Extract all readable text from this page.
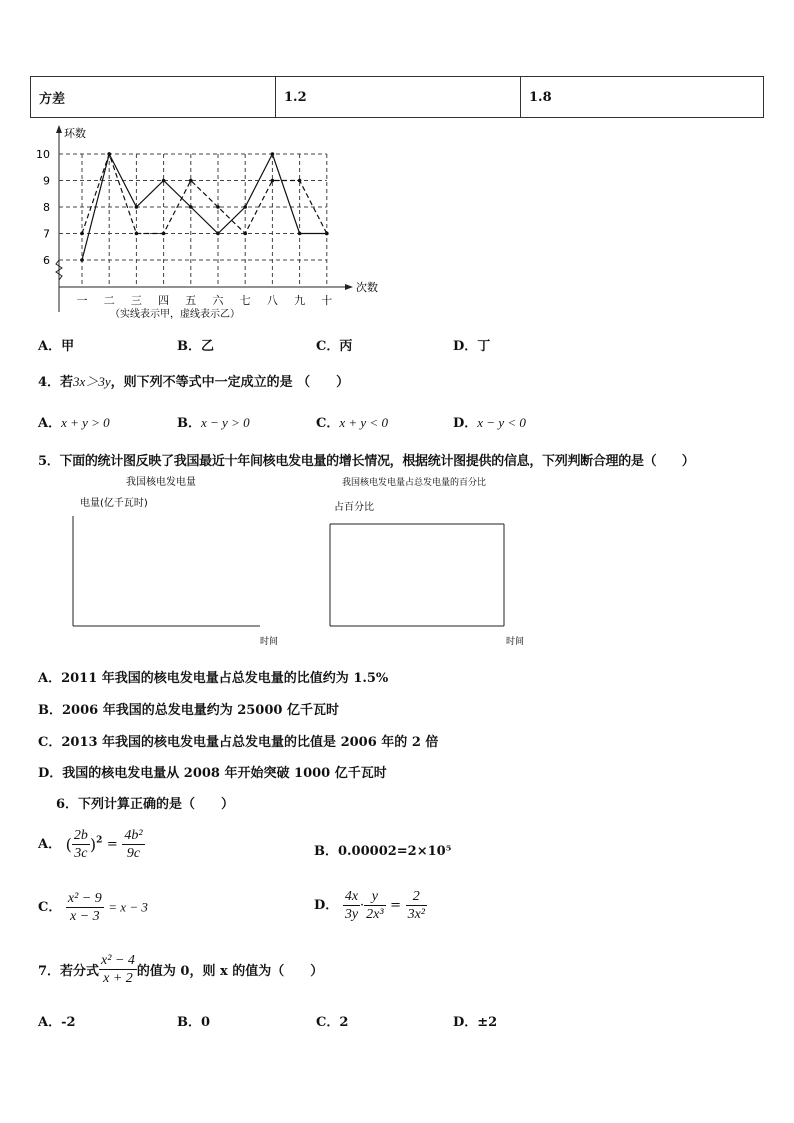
方差	1.2	1.8
环数
次数
（实线表示甲，虚线表示乙）
一 二 三 四 五 六 七 八 九 十
6
7
8
9
10
A．甲	B．乙	C．丙	D．丁
4．若3x＞3y，则下列不等式中一定成立的是 （　　）
A．x + y > 0	B．x − y > 0	C．x + y < 0	D．x − y < 0
5．下面的统计图反映了我国最近十年间核电发电量的增长情况，根据统计图提供的信息，下列判断合理的是（　　）
我国核电发电量
电量(亿千瓦时)
时间
我国核电发电量占总发电量的百分比
占百分比
时间
A．2011 年我国的核电发电量占总发电量的比值约为 1.5%
B．2006 年我国的总发电量约为 25000 亿千瓦时
C．2013 年我国的核电发电量占总发电量的比值是 2006 年的 2 倍
D．我国的核电发电量从 2008 年开始突破 1000 亿千瓦时
6．下列计算正确的是（　　）
A． ( $\frac{2b}{3c} )^2 = \frac{\text{4b²}}{9c}$	B．0.00002=2×10⁵
C． $\frac{\text{x² − 9}}{x - 3} = x - 3$	D． $\frac{4x}{3y} \cdot \frac{y}{\text{2x³}} = \frac{2}{\text{3x²}}$
7．若分式 $\frac{\text{x² − 4}}{x + 2}$ 的值为 0，则 x 的值为（　　）
A．-2	B．0	C．2	D．±2
